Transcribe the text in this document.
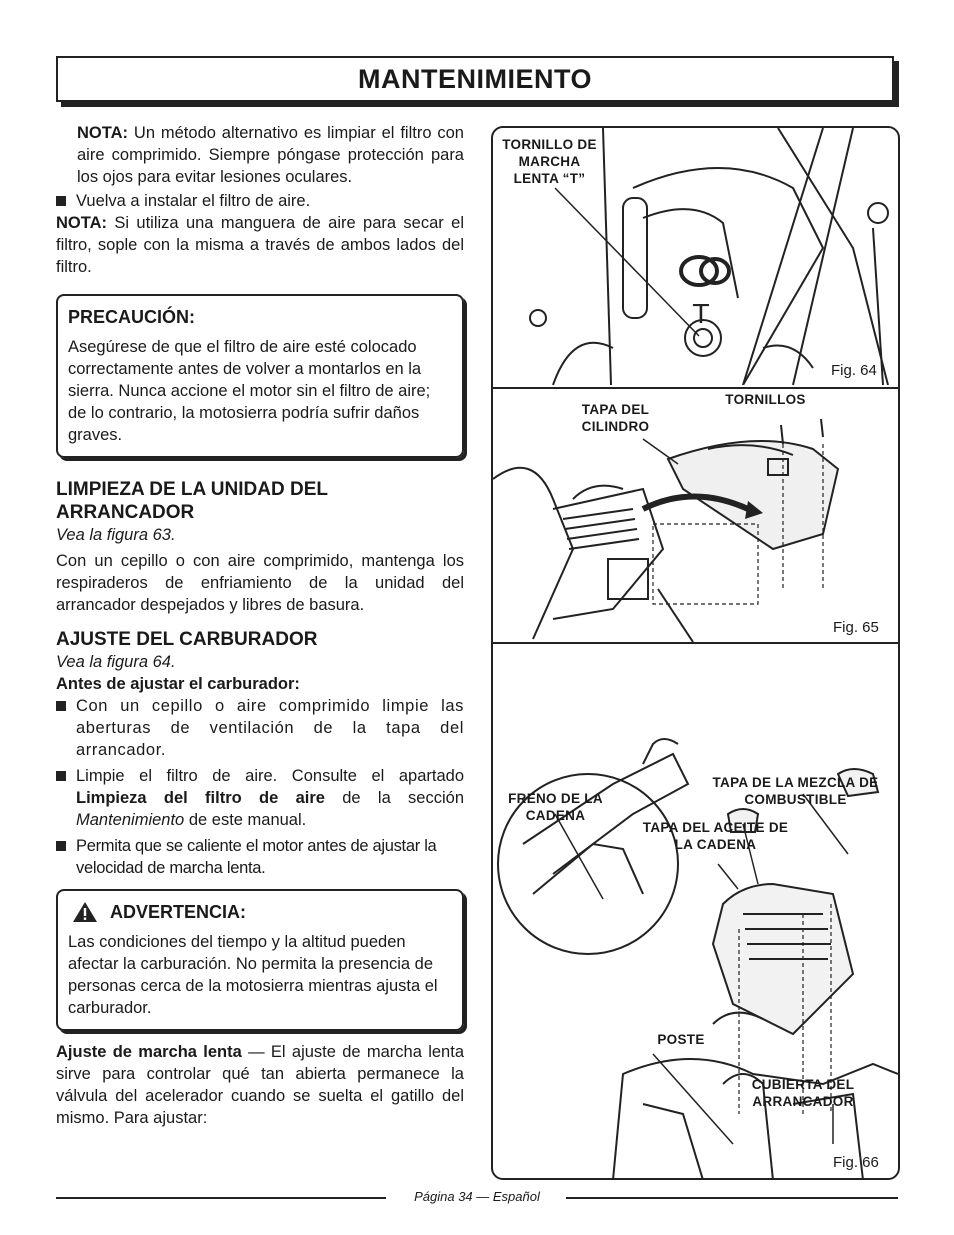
MANTENIMIENTO

NOTA: Un método alternativo es limpiar el filtro con aire comprimido. Siempre póngase protección para los ojos para evitar lesiones oculares.

Vuelva a instalar el filtro de aire.

NOTA: Si utiliza una manguera de aire para secar el filtro, sople con la misma a través de ambos lados del filtro.

PRECAUCIÓN:

Asegúrese de que el filtro de aire esté colocado correctamente antes de volver a montarlos en la sierra. Nunca accione el motor sin el filtro de aire; de lo contrario, la motosierra podría sufrir daños graves.

LIMPIEZA DE LA UNIDAD DEL ARRANCADOR

Vea la figura 63.

Con un cepillo o con aire comprimido, mantenga los respiraderos de enfriamiento de la unidad del arrancador despejados y libres de basura.

AJUSTE DEL CARBURADOR

Vea la figura 64.

Antes de ajustar el carburador:

Con un cepillo o aire comprimido limpie las aberturas de ventilación de la tapa del arrancador.
Limpie el filtro de aire. Consulte el apartado Limpieza del filtro de aire de la sección Mantenimiento de este manual.
Permita que se caliente el motor antes de ajustar la velocidad de marcha lenta.
ADVERTENCIA:

Las condiciones del tiempo y la altitud pueden afectar la carburación. No permita la presencia de personas cerca de la motosierra mientras ajusta el carburador.

Ajuste de marcha lenta — El ajuste de marcha lenta sirve para controlar qué tan abierta permanece la válvula del acelerador cuando se suelta el gatillo del mismo. Para ajustar:

T
TORNILLO DE MARCHA LENTA “T”
Fig. 64
TAPA DEL CILINDRO
TORNILLOS
Fig. 65
FRENO DE LA CADENA
TAPA DE LA MEZCLA DE COMBUSTIBLE
TAPA DEL ACEITE DE LA CADENA
POSTE
CUBIERTA DEL ARRANCADOR
Fig. 66
Página 34 — Español
